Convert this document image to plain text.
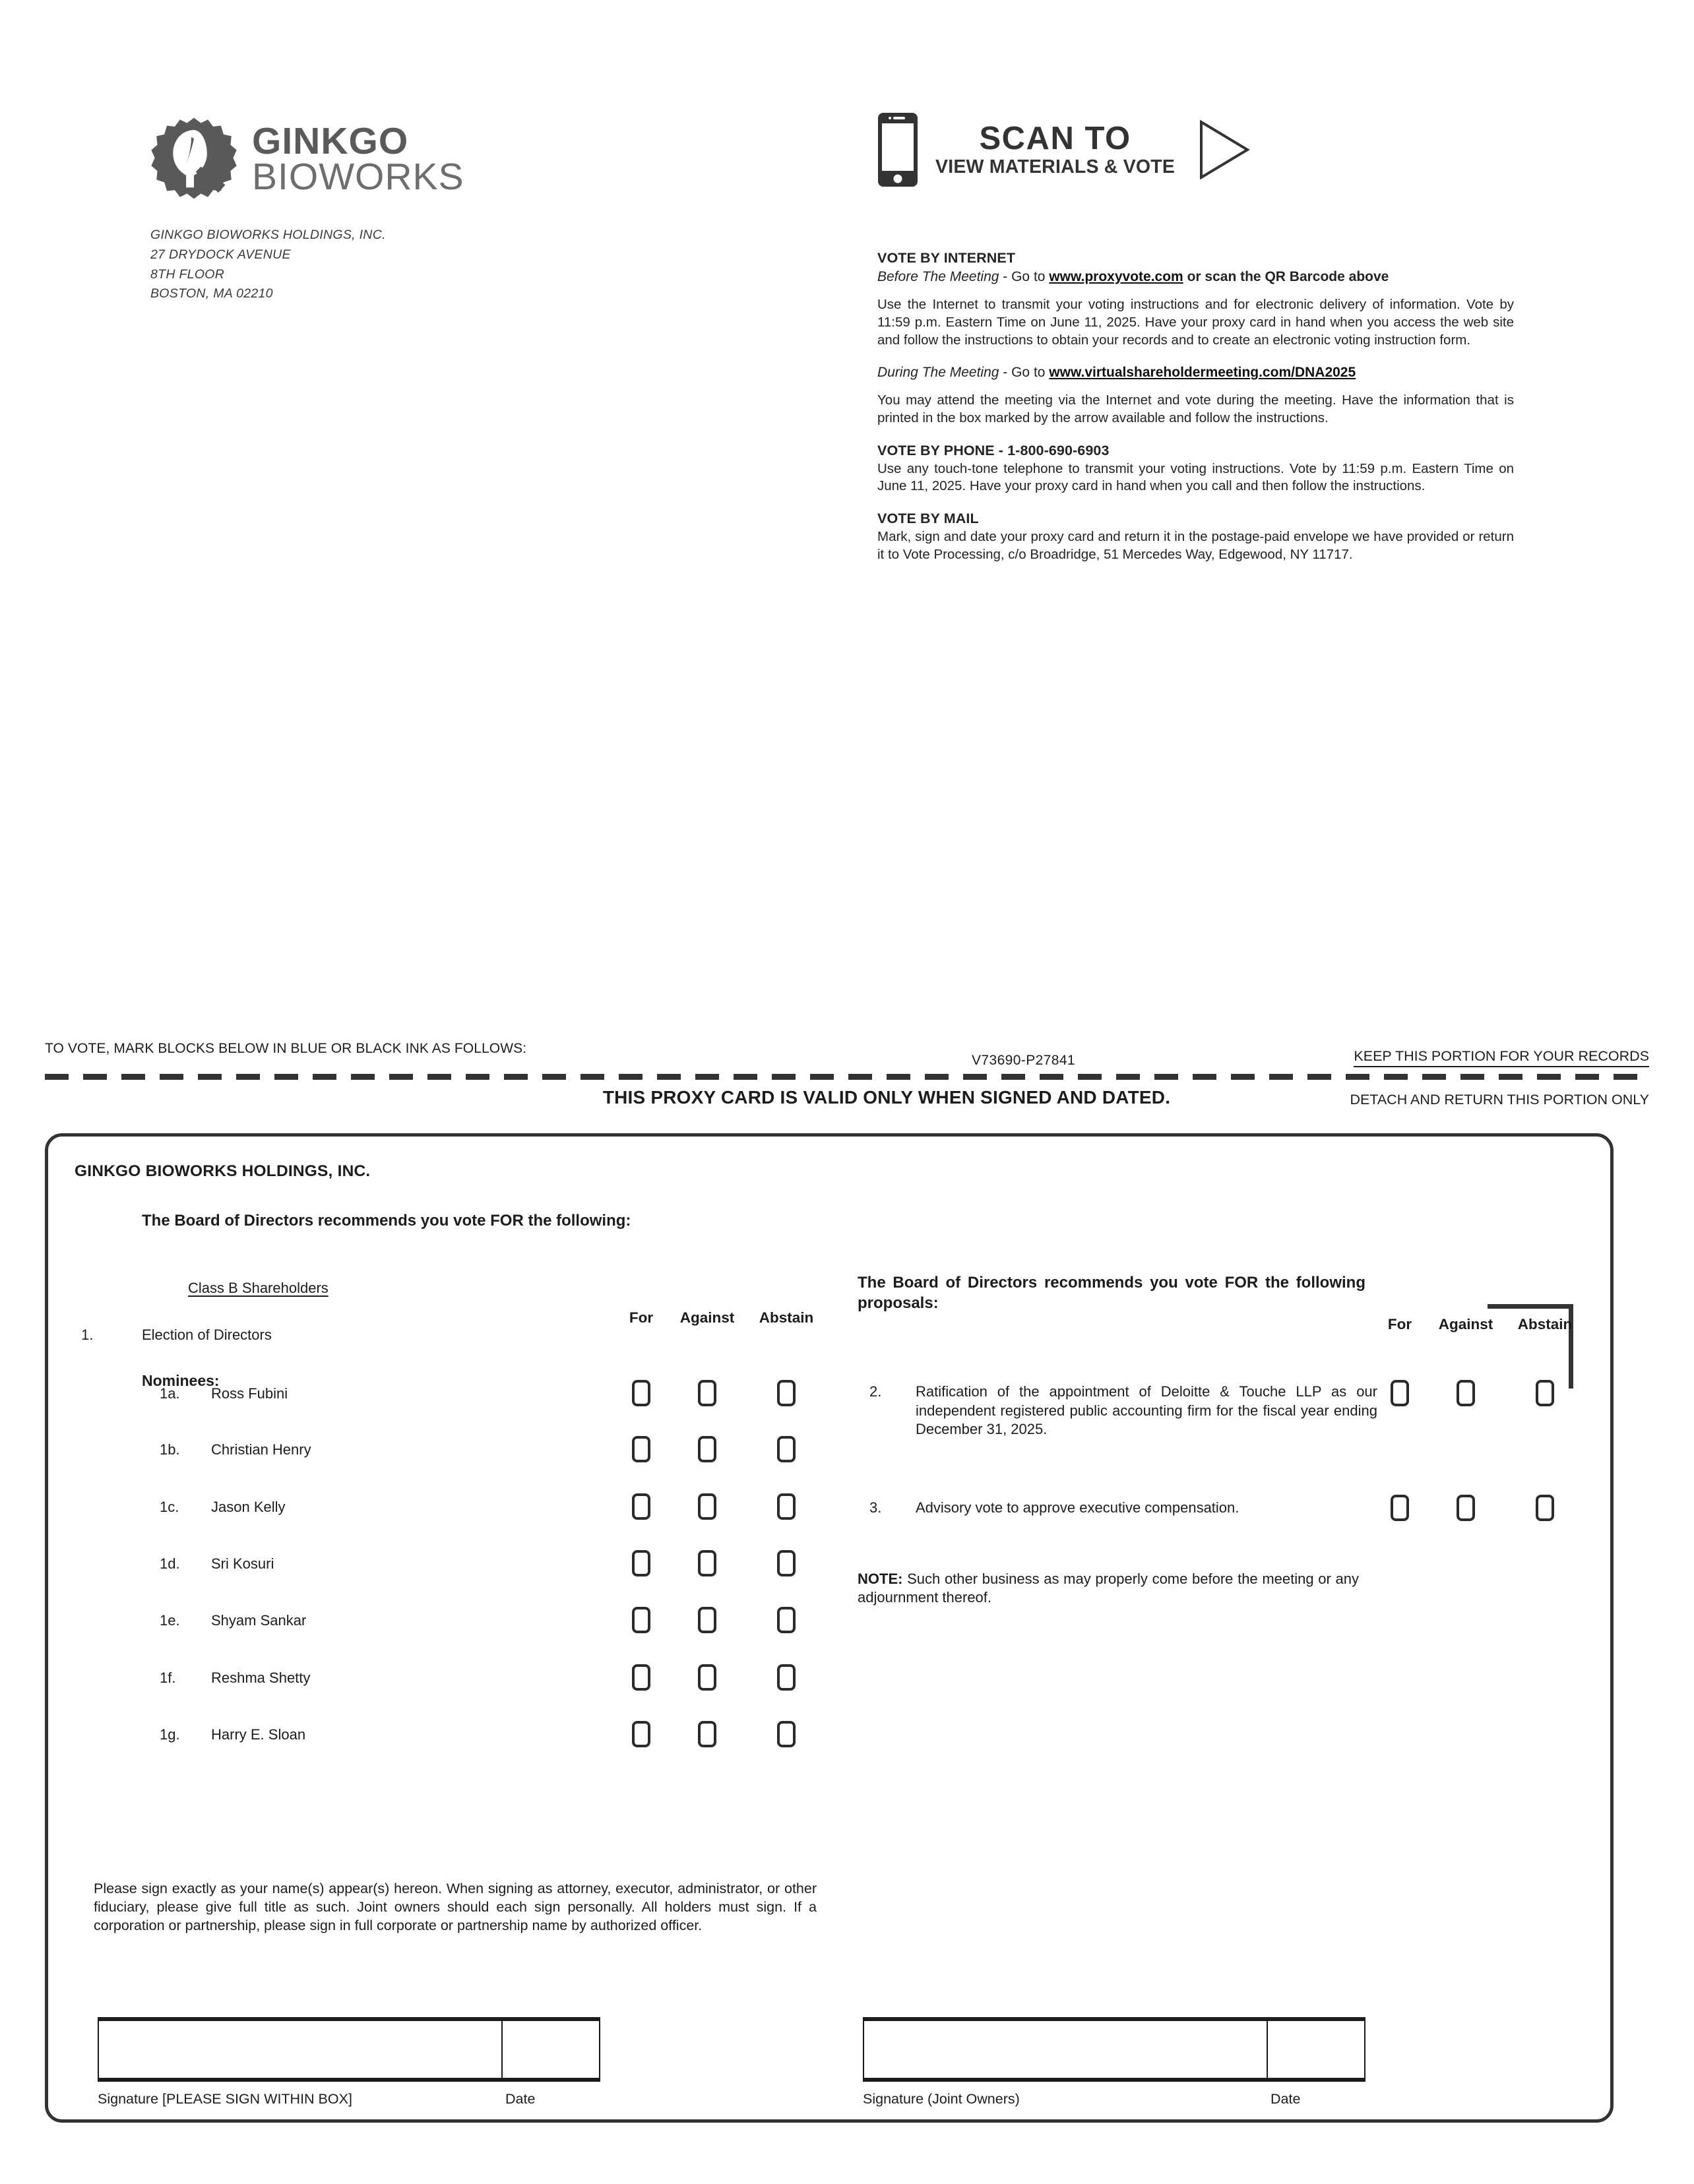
GINKGO
BIOWORKS
GINKGO BIOWORKS HOLDINGS, INC.
27 DRYDOCK AVENUE
8TH FLOOR
BOSTON, MA 02210
SCAN TO
VIEW MATERIALS & VOTE

VOTE BY INTERNET

Before The Meeting - Go to www.proxyvote.com or scan the QR Barcode above

Use the Internet to transmit your voting instructions and for electronic delivery of information. Vote by 11:59 p.m. Eastern Time on June 11, 2025. Have your proxy card in hand when you access the web site and follow the instructions to obtain your records and to create an electronic voting instruction form.

During The Meeting - Go to www.virtualshareholdermeeting.com/DNA2025

You may attend the meeting via the Internet and vote during the meeting. Have the information that is printed in the box marked by the arrow available and follow the instructions.

VOTE BY PHONE - 1-800-690-6903

Use any touch-tone telephone to transmit your voting instructions. Vote by 11:59 p.m. Eastern Time on June 11, 2025. Have your proxy card in hand when you call and then follow the instructions.

VOTE BY MAIL

Mark, sign and date your proxy card and return it in the postage-paid envelope we have provided or return it to Vote Processing, c/o Broadridge, 51 Mercedes Way, Edgewood, NY 11717.

TO VOTE, MARK BLOCKS BELOW IN BLUE OR BLACK INK AS FOLLOWS:
V73690-P27841	KEEP THIS PORTION FOR YOUR RECORDS
DETACH AND RETURN THIS PORTION ONLY
THIS PROXY CARD IS VALID ONLY WHEN SIGNED AND DATED.
GINKGO BIOWORKS HOLDINGS, INC.
The Board of Directors recommends you vote FOR the following:
Class B Shareholders
1.	Election of Directors
Nominees:
For	Against	Abstain
1a. Ross Fubini
1b. Christian Henry
1c. Jason Kelly
1d. Sri Kosuri
1e. Shyam Sankar
1f. Reshma Shetty
1g. Harry E. Sloan
The Board of Directors recommends you vote FOR the following proposals:
For	Against	Abstain
2. Ratification of the appointment of Deloitte & Touche LLP as our independent registered public accounting firm for the fiscal year ending December 31, 2025.
3. Advisory vote to approve executive compensation.
NOTE: Such other business as may properly come before the meeting or any adjournment thereof.
Please sign exactly as your name(s) appear(s) hereon. When signing as attorney, executor, administrator, or other fiduciary, please give full title as such. Joint owners should each sign personally. All holders must sign. If a corporation or partnership, please sign in full corporate or partnership name by authorized officer.
Signature [PLEASE SIGN WITHIN BOX]	Date	Signature (Joint Owners)	Date
